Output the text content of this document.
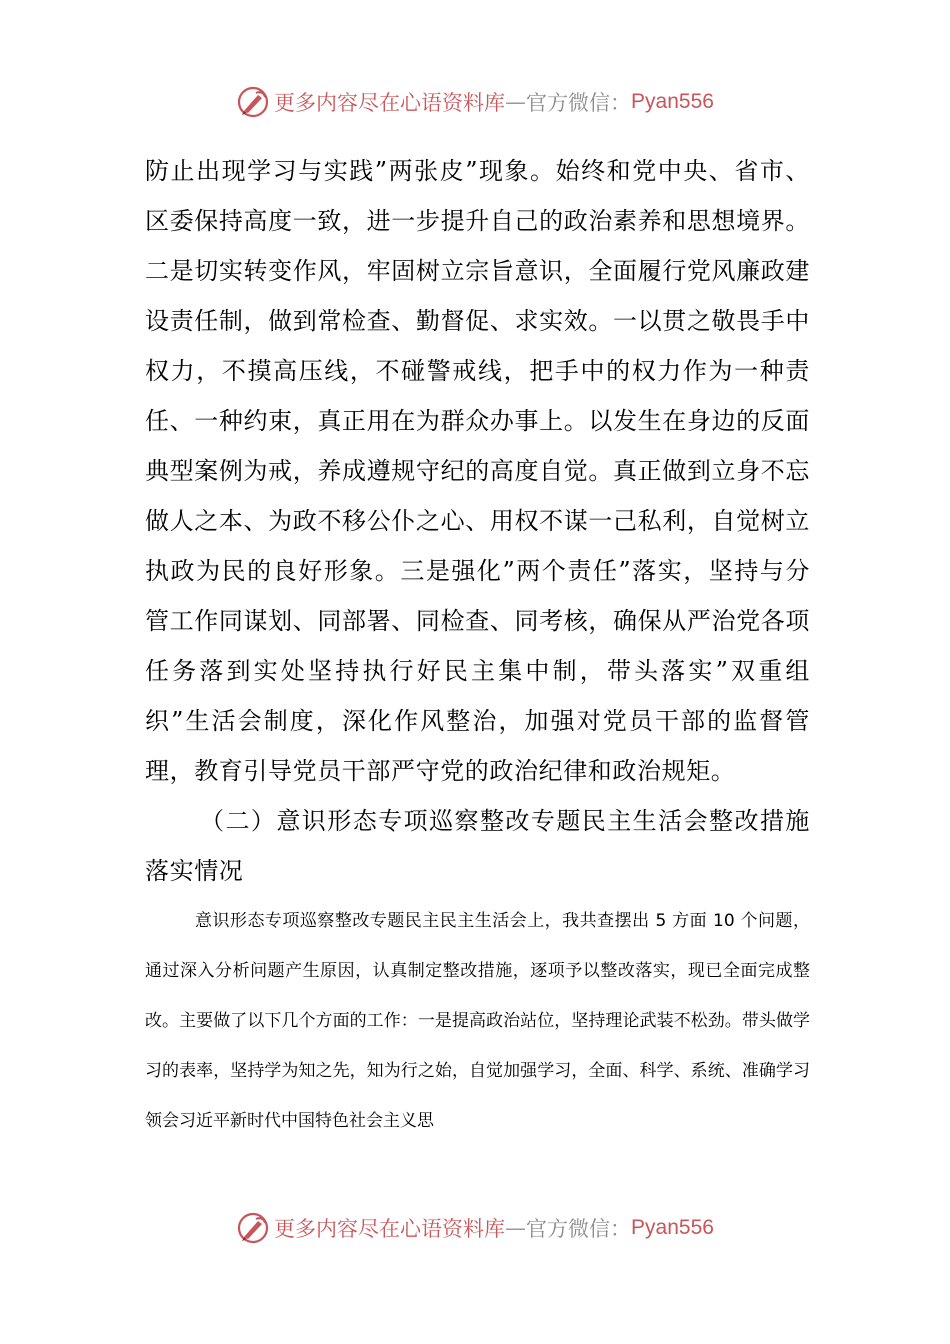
更多内容尽在心语资料库 — 官方微信： Pyan556

防止出现学习与实践”两张皮”现象。始终和党中央、省市、区委保持高度一致，进一步提升自己的政治素养和思想境界。二是切实转变作风，牢固树立宗旨意识，全面履行党风廉政建设责任制，做到常检查、勤督促、求实效。一以贯之敬畏手中权力，不摸高压线，不碰警戒线，把手中的权力作为一种责任、一种约束，真正用在为群众办事上。以发生在身边的反面典型案例为戒，养成遵规守纪的高度自觉。真正做到立身不忘做人之本、为政不移公仆之心、用权不谋一己私利，自觉树立执政为民的良好形象。三是强化”两个责任”落实，坚持与分管工作同谋划、同部署、同检查、同考核，确保从严治党各项任务落到实处坚持执行好民主集中制，带头落实”双重组织”生活会制度，深化作风整治，加强对党员干部的监督管理，教育引导党员干部严守党的政治纪律和政治规矩。

（二）意识形态专项巡察整改专题民主生活会整改措施落实情况

意识形态专项巡察整改专题民主民主生活会上，我共查摆出 5 方面 10 个问题，通过深入分析问题产生原因，认真制定整改措施，逐项予以整改落实，现已全面完成整改。主要做了以下几个方面的工作：一是提高政治站位，坚持理论武装不松劲。带头做学习的表率，坚持学为知之先，知为行之始，自觉加强学习，全面、科学、系统、准确学习领会习近平新时代中国特色社会主义思

更多内容尽在心语资料库 — 官方微信： Pyan556
